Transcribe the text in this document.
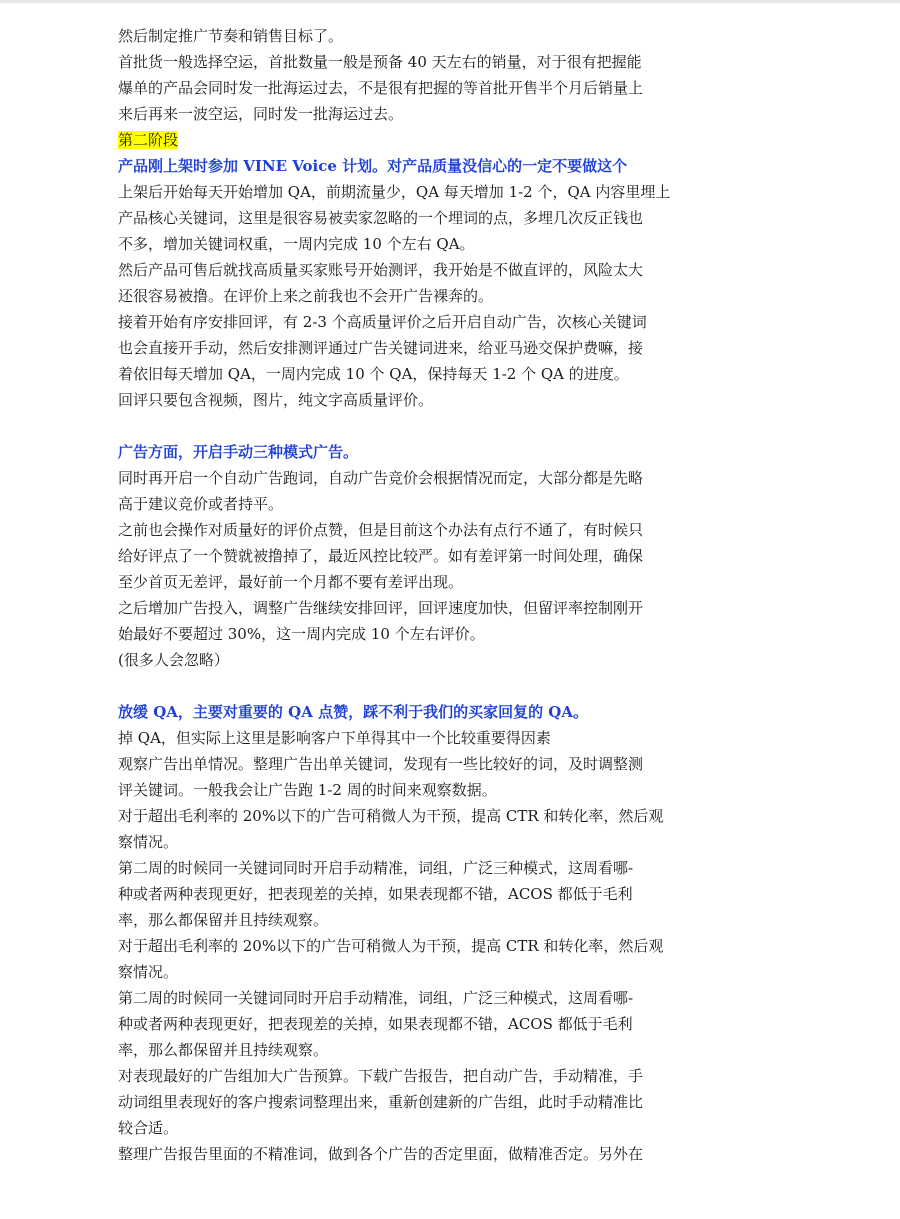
然后制定推广节奏和销售目标了。
首批货一般选择空运，首批数量一般是预备 40 天左右的销量，对于很有把握能
爆单的产品会同时发一批海运过去，不是很有把握的等首批开售半个月后销量上
来后再来一波空运，同时发一批海运过去。
第二阶段
产品刚上架时参加 VINE Voice 计划。对产品质量没信心的一定不要做这个
上架后开始每天开始增加 QA，前期流量少，QA 每天增加 1-2 个，QA 内容里埋上
产品核心关键词，这里是很容易被卖家忽略的一个埋词的点，多埋几次反正钱也
不多，增加关键词权重，一周内完成 10 个左右 QA。
然后产品可售后就找高质量买家账号开始测评，我开始是不做直评的，风险太大
还很容易被撸。在评价上来之前我也不会开广告裸奔的。
接着开始有序安排回评，有 2-3 个高质量评价之后开启自动广告，次核心关键词
也会直接开手动，然后安排测评通过广告关键词进来，给亚马逊交保护费嘛，接
着依旧每天增加 QA，一周内完成 10 个 QA，保持每天 1-2 个 QA 的进度。
回评只要包含视频，图片，纯文字高质量评价。
广告方面，开启手动三种模式广告。
同时再开启一个自动广告跑词，自动广告竞价会根据情况而定，大部分都是先略
高于建议竞价或者持平。
之前也会操作对质量好的评价点赞，但是目前这个办法有点行不通了，有时候只
给好评点了一个赞就被撸掉了，最近风控比较严。如有差评第一时间处理，确保
至少首页无差评，最好前一个月都不要有差评出现。
之后增加广告投入，调整广告继续安排回评，回评速度加快，但留评率控制刚开
始最好不要超过 30%，这一周内完成 10 个左右评价。
(很多人会忽略）
放缓 QA，主要对重要的 QA 点赞，踩不利于我们的买家回复的 QA。
掉 QA，但实际上这里是影响客户下单得其中一个比较重要得因素
观察广告出单情况。整理广告出单关键词，发现有一些比较好的词，及时调整测
评关键词。一般我会让广告跑 1-2 周的时间来观察数据。
对于超出毛利率的 20%以下的广告可稍微人为干预，提高 CTR 和转化率，然后观
察情况。
第二周的时候同一关键词同时开启手动精准，词组，广泛三种模式，这周看哪-
种或者两种表现更好，把表现差的关掉，如果表现都不错，ACOS 都低于毛利
率，那么都保留并且持续观察。
对于超出毛利率的 20%以下的广告可稍微人为干预，提高 CTR 和转化率，然后观
察情况。
第二周的时候同一关键词同时开启手动精准，词组，广泛三种模式，这周看哪-
种或者两种表现更好，把表现差的关掉，如果表现都不错，ACOS 都低于毛利
率，那么都保留并且持续观察。
对表现最好的广告组加大广告预算。下载广告报告，把自动广告，手动精准，手
动词组里表现好的客户搜索词整理出来，重新创建新的广告组，此时手动精准比
较合适。
整理广告报告里面的不精准词，做到各个广告的否定里面，做精准否定。另外在
